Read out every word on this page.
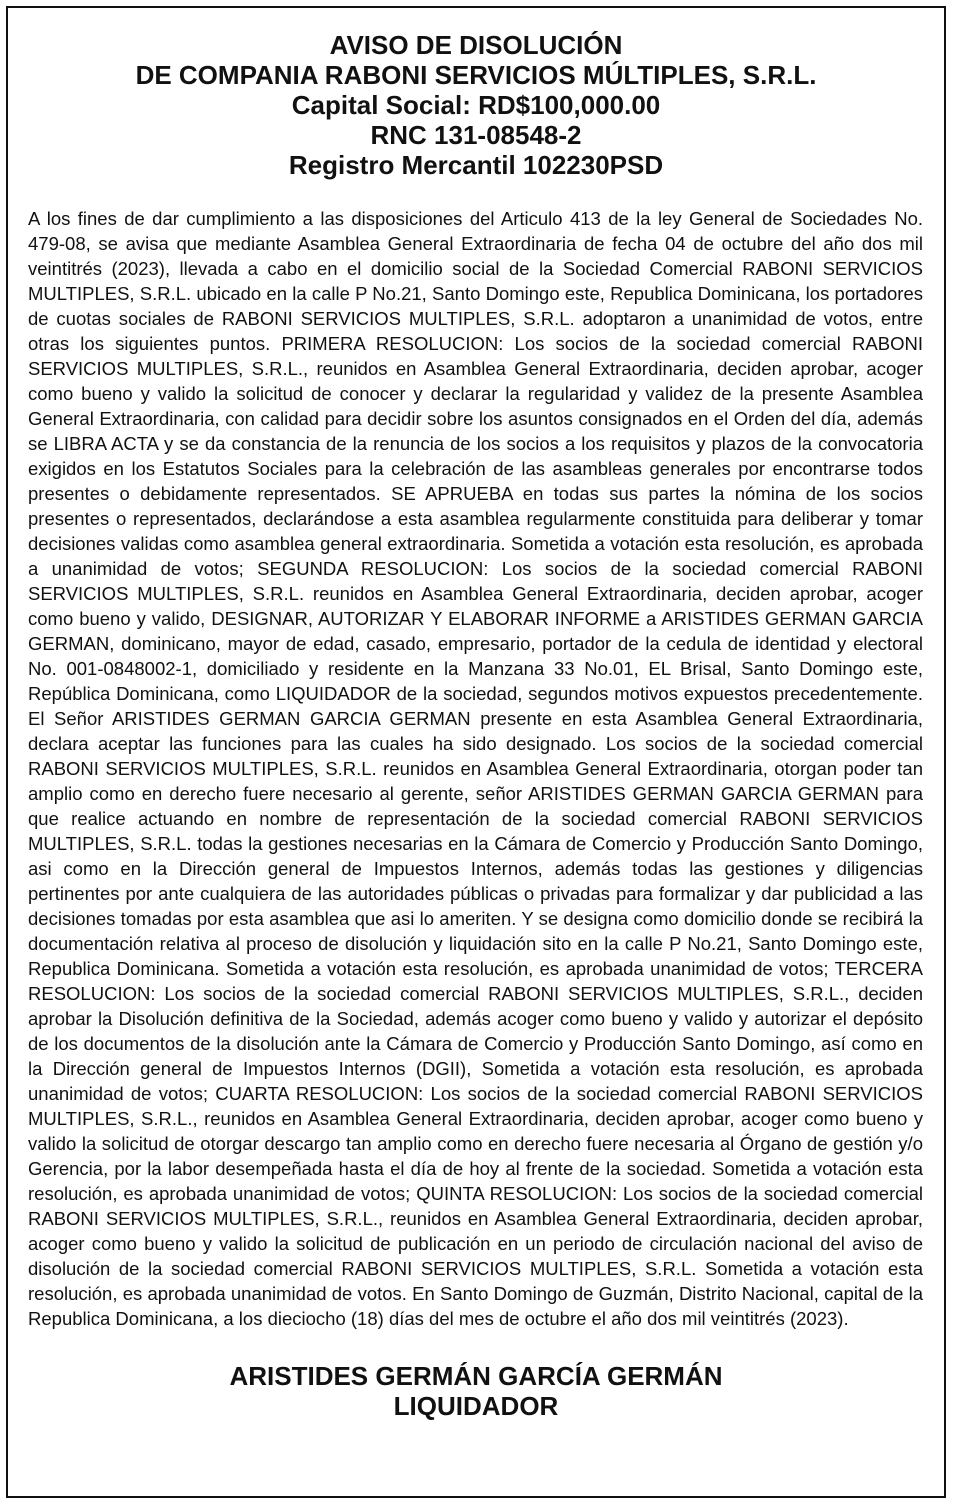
AVISO DE DISOLUCIÓN
DE COMPANIA RABONI SERVICIOS MÚLTIPLES, S.R.L.
Capital Social: RD$100,000.00
RNC 131-08548-2
Registro Mercantil 102230PSD
A los fines de dar cumplimiento a las disposiciones del Articulo 413 de la ley General de Sociedades No. 479-08, se avisa que mediante Asamblea General Extraordinaria de fecha 04 de octubre del año dos mil veintitrés (2023), llevada a cabo en el domicilio social de la Sociedad Comercial RABONI SERVICIOS MULTIPLES, S.R.L. ubicado en la calle P No.21, Santo Domingo este, Republica Dominicana, los portadores de cuotas sociales de RABONI SERVICIOS MULTIPLES, S.R.L. adoptaron a unanimidad de votos, entre otras los siguientes puntos. PRIMERA RESOLUCION: Los socios de la sociedad comercial RABONI SERVICIOS MULTIPLES, S.R.L., reunidos en Asamblea General Extraordinaria, deciden aprobar, acoger como bueno y valido la solicitud de conocer y declarar la regularidad y validez de la presente Asamblea General Extraordinaria, con calidad para decidir sobre los asuntos consignados en el Orden del día, además se LIBRA ACTA y se da constancia de la renuncia de los socios a los requisitos y plazos de la convocatoria exigidos en los Estatutos Sociales para la celebración de las asambleas generales por encontrarse todos presentes o debidamente representados. SE APRUEBA en todas sus partes la nómina de los socios presentes o representados, declarándose a esta asamblea regularmente constituida para deliberar y tomar decisiones validas como asamblea general extraordinaria. Sometida a votación esta resolución, es aprobada a unanimidad de votos; SEGUNDA RESOLUCION: Los socios de la sociedad comercial RABONI SERVICIOS MULTIPLES, S.R.L. reunidos en Asamblea General Extraordinaria, deciden aprobar, acoger como bueno y valido, DESIGNAR, AUTORIZAR Y ELABORAR INFORME a ARISTIDES GERMAN GARCIA GERMAN, dominicano, mayor de edad, casado, empresario, portador de la cedula de identidad y electoral No. 001-0848002-1, domiciliado y residente en la Manzana 33 No.01, EL Brisal, Santo Domingo este, República Dominicana, como LIQUIDADOR de la sociedad, segundos motivos expuestos precedentemente. El Señor ARISTIDES GERMAN GARCIA GERMAN presente en esta Asamblea General Extraordinaria, declara aceptar las funciones para las cuales ha sido designado. Los socios de la sociedad comercial RABONI SERVICIOS MULTIPLES, S.R.L. reunidos en Asamblea General Extraordinaria, otorgan poder tan amplio como en derecho fuere necesario al gerente, señor ARISTIDES GERMAN GARCIA GERMAN para que realice actuando en nombre de representación de la sociedad comercial RABONI SERVICIOS MULTIPLES, S.R.L. todas la gestiones necesarias en la Cámara de Comercio y Producción Santo Domingo, asi como en la Dirección general de Impuestos Internos, además todas las gestiones y diligencias pertinentes por ante cualquiera de las autoridades públicas o privadas para formalizar y dar publicidad a las decisiones tomadas por esta asamblea que asi lo ameriten. Y se designa como domicilio donde se recibirá la documentación relativa al proceso de disolución y liquidación sito en la calle P No.21, Santo Domingo este, Republica Dominicana. Sometida a votación esta resolución, es aprobada unanimidad de votos; TERCERA RESOLUCION: Los socios de la sociedad comercial RABONI SERVICIOS MULTIPLES, S.R.L., deciden aprobar la Disolución definitiva de la Sociedad, además acoger como bueno y valido y autorizar el depósito de los documentos de la disolución ante la Cámara de Comercio y Producción Santo Domingo, así como en la Dirección general de Impuestos Internos (DGII), Sometida a votación esta resolución, es aprobada unanimidad de votos; CUARTA RESOLUCION: Los socios de la sociedad comercial RABONI SERVICIOS MULTIPLES, S.R.L., reunidos en Asamblea General Extraordinaria, deciden aprobar, acoger como bueno y valido la solicitud de otorgar descargo tan amplio como en derecho fuere necesaria al Órgano de gestión y/o Gerencia, por la labor desempeñada hasta el día de hoy al frente de la sociedad. Sometida a votación esta resolución, es aprobada unanimidad de votos; QUINTA RESOLUCION: Los socios de la sociedad comercial RABONI SERVICIOS MULTIPLES, S.R.L., reunidos en Asamblea General Extraordinaria, deciden aprobar, acoger como bueno y valido la solicitud de publicación en un periodo de circulación nacional del aviso de disolución de la sociedad comercial RABONI SERVICIOS MULTIPLES, S.R.L. Sometida a votación esta resolución, es aprobada unanimidad de votos. En Santo Domingo de Guzmán, Distrito Nacional, capital de la Republica Dominicana, a los dieciocho (18) días del mes de octubre el año dos mil veintitrés (2023).
ARISTIDES GERMÁN GARCÍA GERMÁN
LIQUIDADOR
